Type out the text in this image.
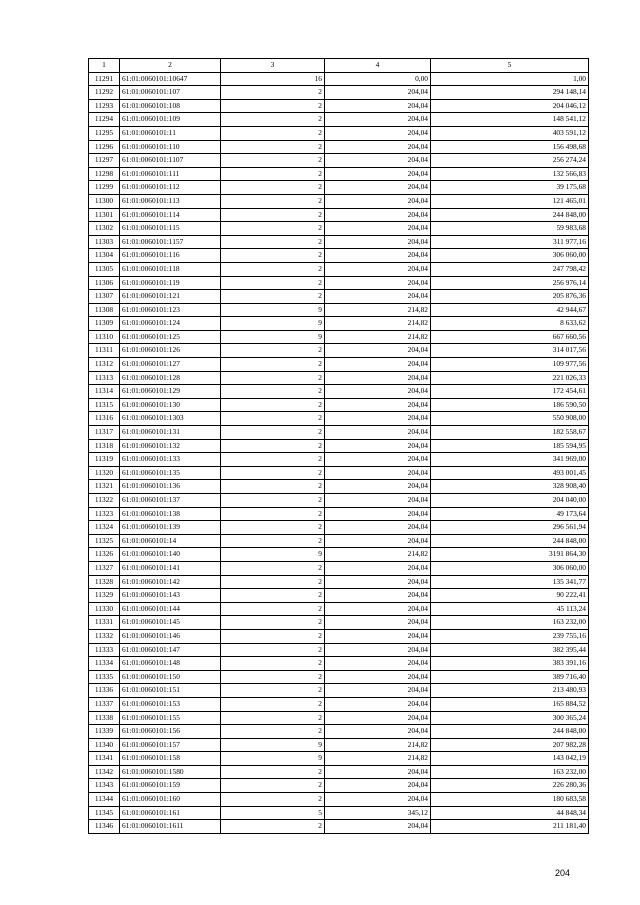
1	2	3	4	5
11291	61:01:0060101:10647	16	0,00	1,00
11292	61:01:0060101:107	2	204,04	294 148,14
11293	61:01:0060101:108	2	204,04	204 046,12
11294	61:01:0060101:109	2	204,04	148 541,12
11295	61:01:0060101:11	2	204,04	403 591,12
11296	61:01:0060101:110	2	204,04	156 498,68
11297	61:01:0060101:1107	2	204,04	256 274,24
11298	61:01:0060101:111	2	204,04	132 566,83
11299	61:01:0060101:112	2	204,04	39 175,68
11300	61:01:0060101:113	2	204,04	121 465,01
11301	61:01:0060101:114	2	204,04	244 848,00
11302	61:01:0060101:115	2	204,04	59 983,68
11303	61:01:0060101:1157	2	204,04	311 977,16
11304	61:01:0060101:116	2	204,04	306 060,00
11305	61:01:0060101:118	2	204,04	247 798,42
11306	61:01:0060101:119	2	204,04	256 976,14
11307	61:01:0060101:121	2	204,04	205 876,36
11308	61:01:0060101:123	9	214,82	42 944,67
11309	61:01:0060101:124	9	214,82	8 633,62
11310	61:01:0060101:125	9	214,82	667 660,56
11311	61:01:0060101:126	2	204,04	314 017,56
11312	61:01:0060101:127	2	204,04	109 977,56
11313	61:01:0060101:128	2	204,04	221 026,33
11314	61:01:0060101:129	2	204,04	172 454,61
11315	61:01:0060101:130	2	204,04	186 590,50
11316	61:01:0060101:1303	2	204,04	550 908,00
11317	61:01:0060101:131	2	204,04	182 558,67
11318	61:01:0060101:132	2	204,04	185 594,95
11319	61:01:0060101:133	2	204,04	341 969,00
11320	61:01:0060101:135	2	204,04	493 001,45
11321	61:01:0060101:136	2	204,04	328 908,40
11322	61:01:0060101:137	2	204,04	204 040,00
11323	61:01:0060101:138	2	204,04	49 173,64
11324	61:01:0060101:139	2	204,04	296 561,94
11325	61:01:0060101:14	2	204,04	244 848,00
11326	61:01:0060101:140	9	214,82	3191 864,30
11327	61:01:0060101:141	2	204,04	306 060,00
11328	61:01:0060101:142	2	204,04	135 341,77
11329	61:01:0060101:143	2	204,04	90 222,41
11330	61:01:0060101:144	2	204,04	45 113,24
11331	61:01:0060101:145	2	204,04	163 232,00
11332	61:01:0060101:146	2	204,04	239 755,16
11333	61:01:0060101:147	2	204,04	382 395,44
11334	61:01:0060101:148	2	204,04	383 391,16
11335	61:01:0060101:150	2	204,04	389 716,40
11336	61:01:0060101:151	2	204,04	213 480,93
11337	61:01:0060101:153	2	204,04	165 884,52
11338	61:01:0060101:155	2	204,04	300 365,24
11339	61:01:0060101:156	2	204,04	244 848,00
11340	61:01:0060101:157	9	214,82	207 982,28
11341	61:01:0060101:158	9	214,82	143 042,19
11342	61:01:0060101:1580	2	204,04	163 232,00
11343	61:01:0060101:159	2	204,04	226 280,36
11344	61:01:0060101:160	2	204,04	180 683,58
11345	61:01:0060101:161	5	345,12	44 848,34
11346	61:01:0060101:1611	2	204,04	211 181,40
204
